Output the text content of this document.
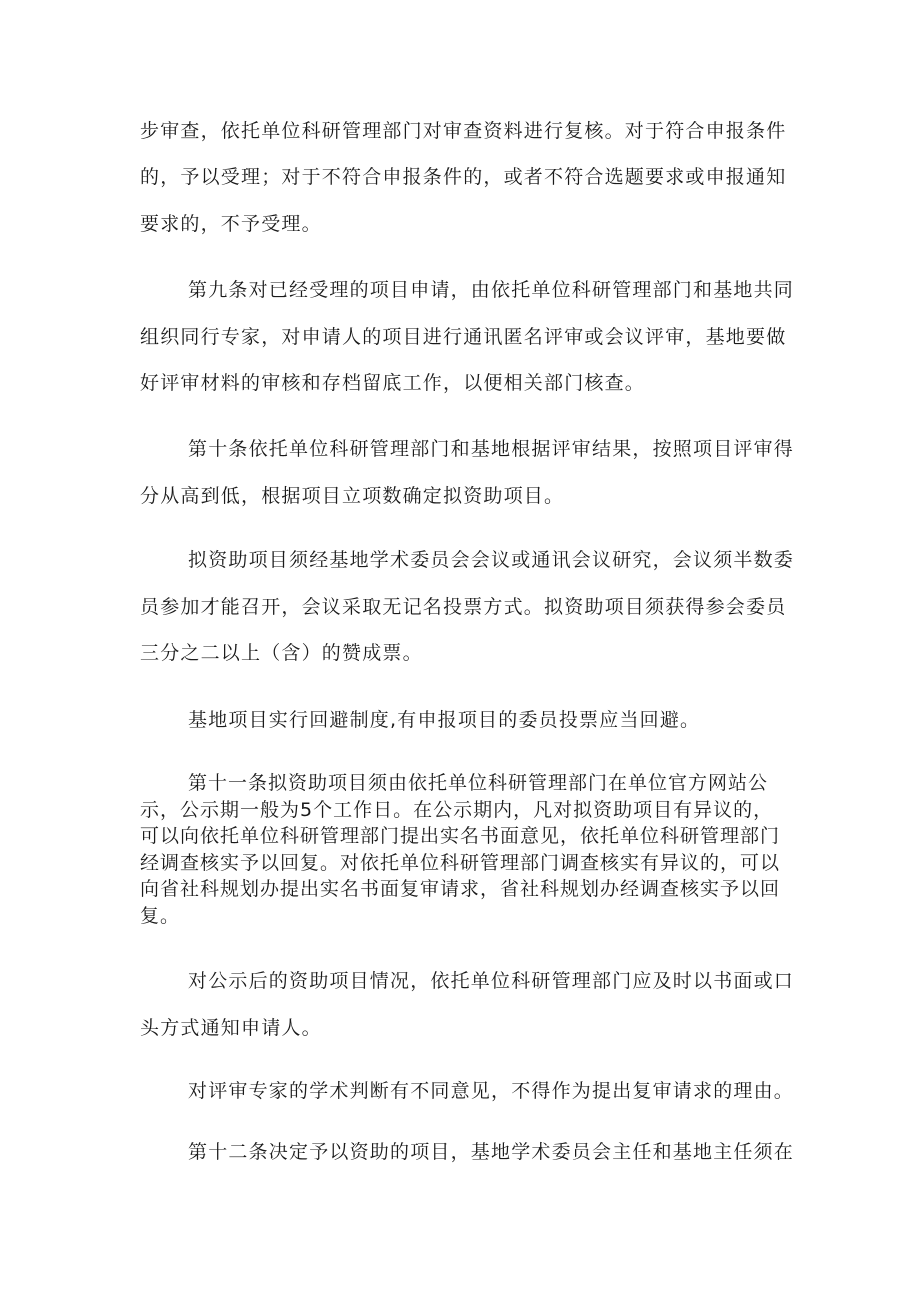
步审查，依托单位科研管理部门对审查资料进行复核。对于符合申报条件
的，予以受理；对于不符合申报条件的，或者不符合选题要求或申报通知
要求的，不予受理。
第九条对已经受理的项目申请，由依托单位科研管理部门和基地共同
组织同行专家，对申请人的项目进行通讯匿名评审或会议评审，基地要做
好评审材料的审核和存档留底工作，以便相关部门核查。
第十条依托单位科研管理部门和基地根据评审结果，按照项目评审得
分从高到低，根据项目立项数确定拟资助项目。
拟资助项目须经基地学术委员会会议或通讯会议研究，会议须半数委
员参加才能召开，会议采取无记名投票方式。拟资助项目须获得参会委员
三分之二以上（含）的赞成票。
基地项目实行回避制度,有申报项目的委员投票应当回避。
第十一条拟资助项目须由依托单位科研管理部门在单位官方网站公
示，公示期一般为5个工作日。在公示期内，凡对拟资助项目有异议的，
可以向依托单位科研管理部门提出实名书面意见，依托单位科研管理部门
经调查核实予以回复。对依托单位科研管理部门调查核实有异议的，可以
向省社科规划办提出实名书面复审请求，省社科规划办经调查核实予以回
复。
对公示后的资助项目情况，依托单位科研管理部门应及时以书面或口
头方式通知申请人。
对评审专家的学术判断有不同意见，不得作为提出复审请求的理由。
第十二条决定予以资助的项目，基地学术委员会主任和基地主任须在
